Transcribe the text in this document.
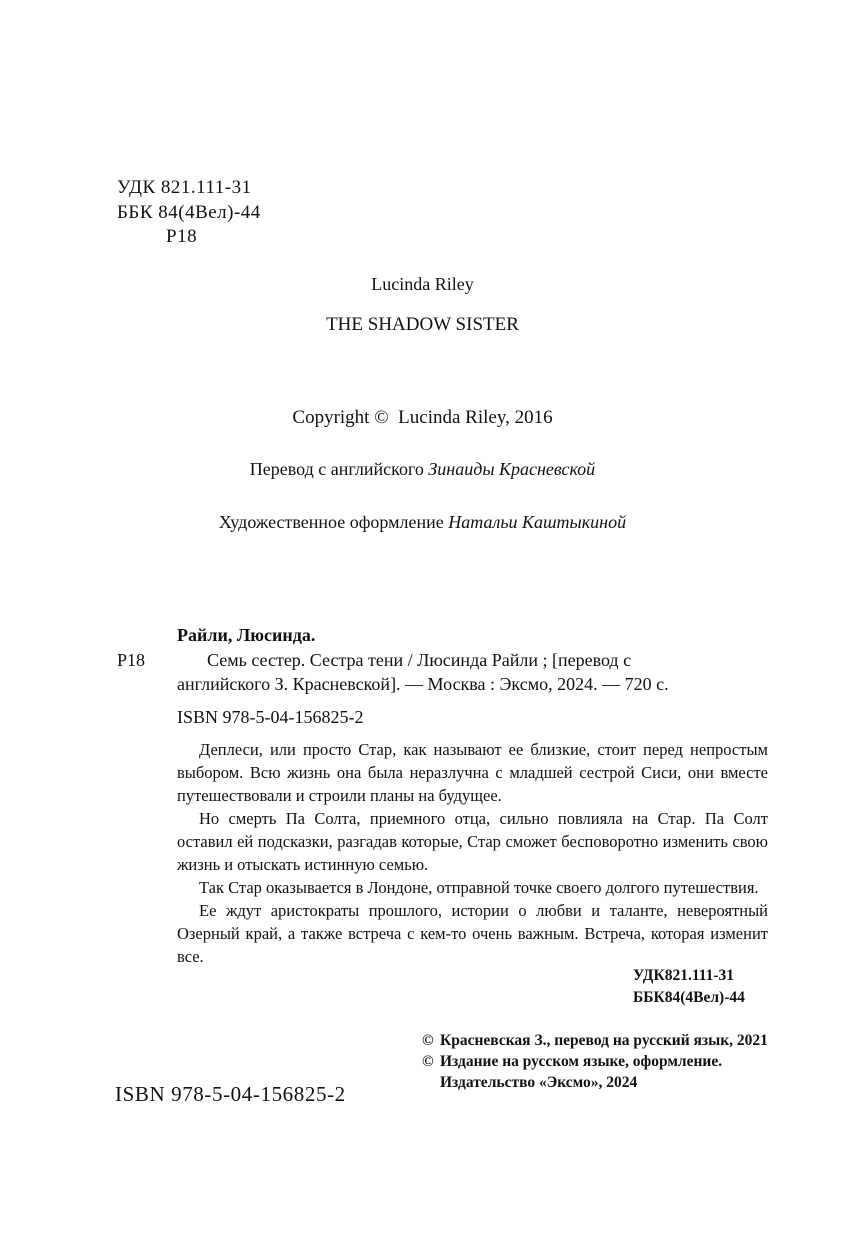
УДК 821.111-31
ББК 84(4Вел)-44
Р18
Lucinda Riley
THE SHADOW SISTER
Copyright ©  Lucinda Riley, 2016
Перевод с английского Зинаиды Красневской
Художественное оформление Натальи Каштыкиной
Райли, Люсинда.
Р18	Семь сестер. Сестра тени / Люсинда Райли ; [перевод с
английского З. Красневской]. — Москва : Эксмо, 2024. — 720 с.
ISBN 978-5-04-156825-2

Деплеси, или просто Стар, как называют ее близкие, стоит перед непростым выбором. Всю жизнь она была неразлучна с младшей сестрой Сиси, они вместе путешествовали и строили планы на будущее.

Но смерть Па Солта, приемного отца, сильно повлияла на Стар. Па Солт оставил ей подсказки, разгадав которые, Стар сможет бесповоротно изменить свою жизнь и отыскать истинную семью.

Так Стар оказывается в Лондоне, отправной точке своего долгого путешествия.

Ее ждут аристократы прошлого, истории о любви и таланте, невероятный Озерный край, а также встреча с кем-то очень важным. Встреча, которая изменит все.

УДК821.111-31
ББК84(4Вел)-44
ISBN 978-5-04-156825-2
© Красневская З., перевод на русский язык, 2021
© Издание на русском языке, оформление. Издательство «Эксмо», 2024
